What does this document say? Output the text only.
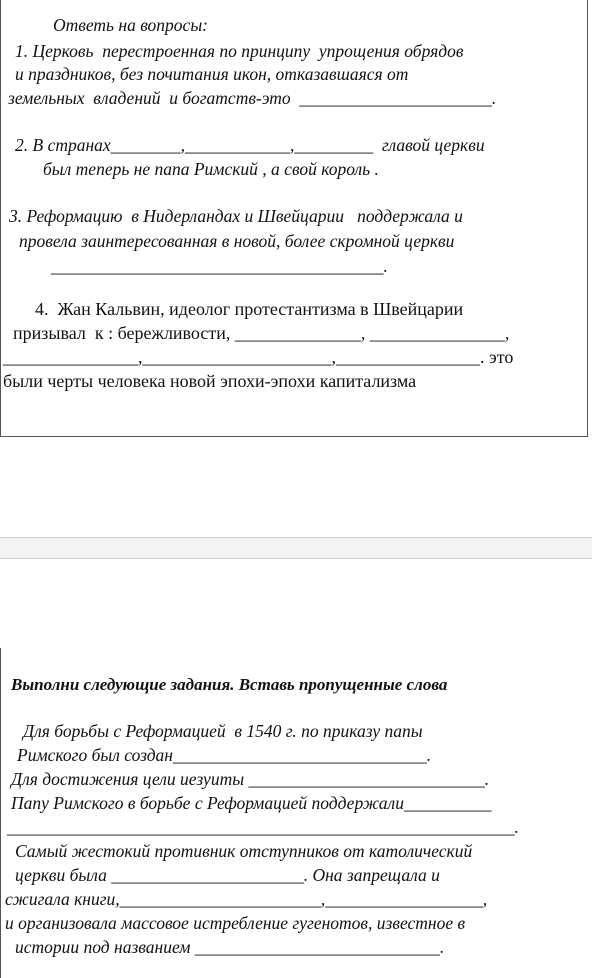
Ответь на вопросы:
1. Церковь  перестроенная по принципу  упрощения обрядов
и праздников, без почитания икон, отказавшаяся от
земельных  владений  и богатств-это  ______________________.
2. В странах________,____________,_________  главой церкви
был теперь не папа Римский , а свой король .
3. Реформацию  в Нидерландах и Швейцарии   поддержала и
провела заинтересованная в новой, более скромной церкви
______________________________________.
4.  Жан Кальвин, идеолог протестантизма в Швейцарии
призывал  к : бережливости, ______________, _______________,
_______________,_____________________,________________. это
были черты человека новой эпохи-эпохи капитализма
Выполни следующие задания. Вставь пропущенные слова
Для борьбы с Реформацией  в 1540 г. по приказу папы
Римского был создан_____________________________.
Для достижения цели иезуиты ___________________________.
Папу Римского в борьбе с Реформацией поддержали__________
__________________________________________________________.
Самый жестокий противник отступников от католический
церкви была ______________________. Она запрещала и
сжигала книги,_______________________,__________________,
и организовала массовое истребление гугенотов, известное в
истории под названием ____________________________.
